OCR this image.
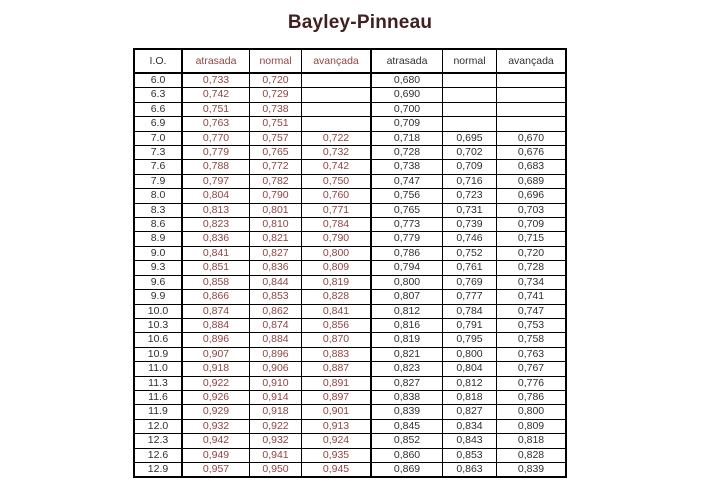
Bayley-Pinneau
I.O.	atrasada	normal	avançada	atrasada	normal	avançada
6.0	0,733	0,720		0,680		
6.3	0,742	0,729		0,690		
6.6	0,751	0,738		0,700		
6.9	0,763	0,751		0,709		
7.0	0,770	0,757	0,722	0,718	0,695	0,670
7.3	0,779	0,765	0,732	0,728	0,702	0,676
7.6	0,788	0,772	0,742	0,738	0,709	0,683
7.9	0,797	0,782	0,750	0,747	0,716	0,689
8.0	0,804	0,790	0,760	0,756	0,723	0,696
8.3	0,813	0,801	0,771	0,765	0,731	0,703
8.6	0,823	0,810	0,784	0,773	0,739	0,709
8.9	0,836	0,821	0,790	0,779	0,746	0,715
9.0	0,841	0,827	0,800	0,786	0,752	0,720
9.3	0,851	0,836	0,809	0,794	0,761	0,728
9.6	0,858	0,844	0,819	0,800	0,769	0,734
9.9	0,866	0,853	0,828	0,807	0,777	0,741
10.0	0,874	0,862	0,841	0,812	0,784	0,747
10.3	0,884	0,874	0,856	0,816	0,791	0,753
10.6	0,896	0,884	0,870	0,819	0,795	0,758
10.9	0,907	0,896	0,883	0,821	0,800	0,763
11.0	0,918	0,906	0,887	0,823	0,804	0,767
11.3	0,922	0,910	0,891	0,827	0,812	0,776
11.6	0,926	0,914	0,897	0,838	0,818	0,786
11.9	0,929	0,918	0,901	0,839	0,827	0,800
12.0	0,932	0,922	0,913	0,845	0,834	0,809
12.3	0,942	0,932	0,924	0,852	0,843	0,818
12.6	0,949	0,941	0,935	0,860	0,853	0,828
12.9	0,957	0,950	0,945	0,869	0,863	0,839
